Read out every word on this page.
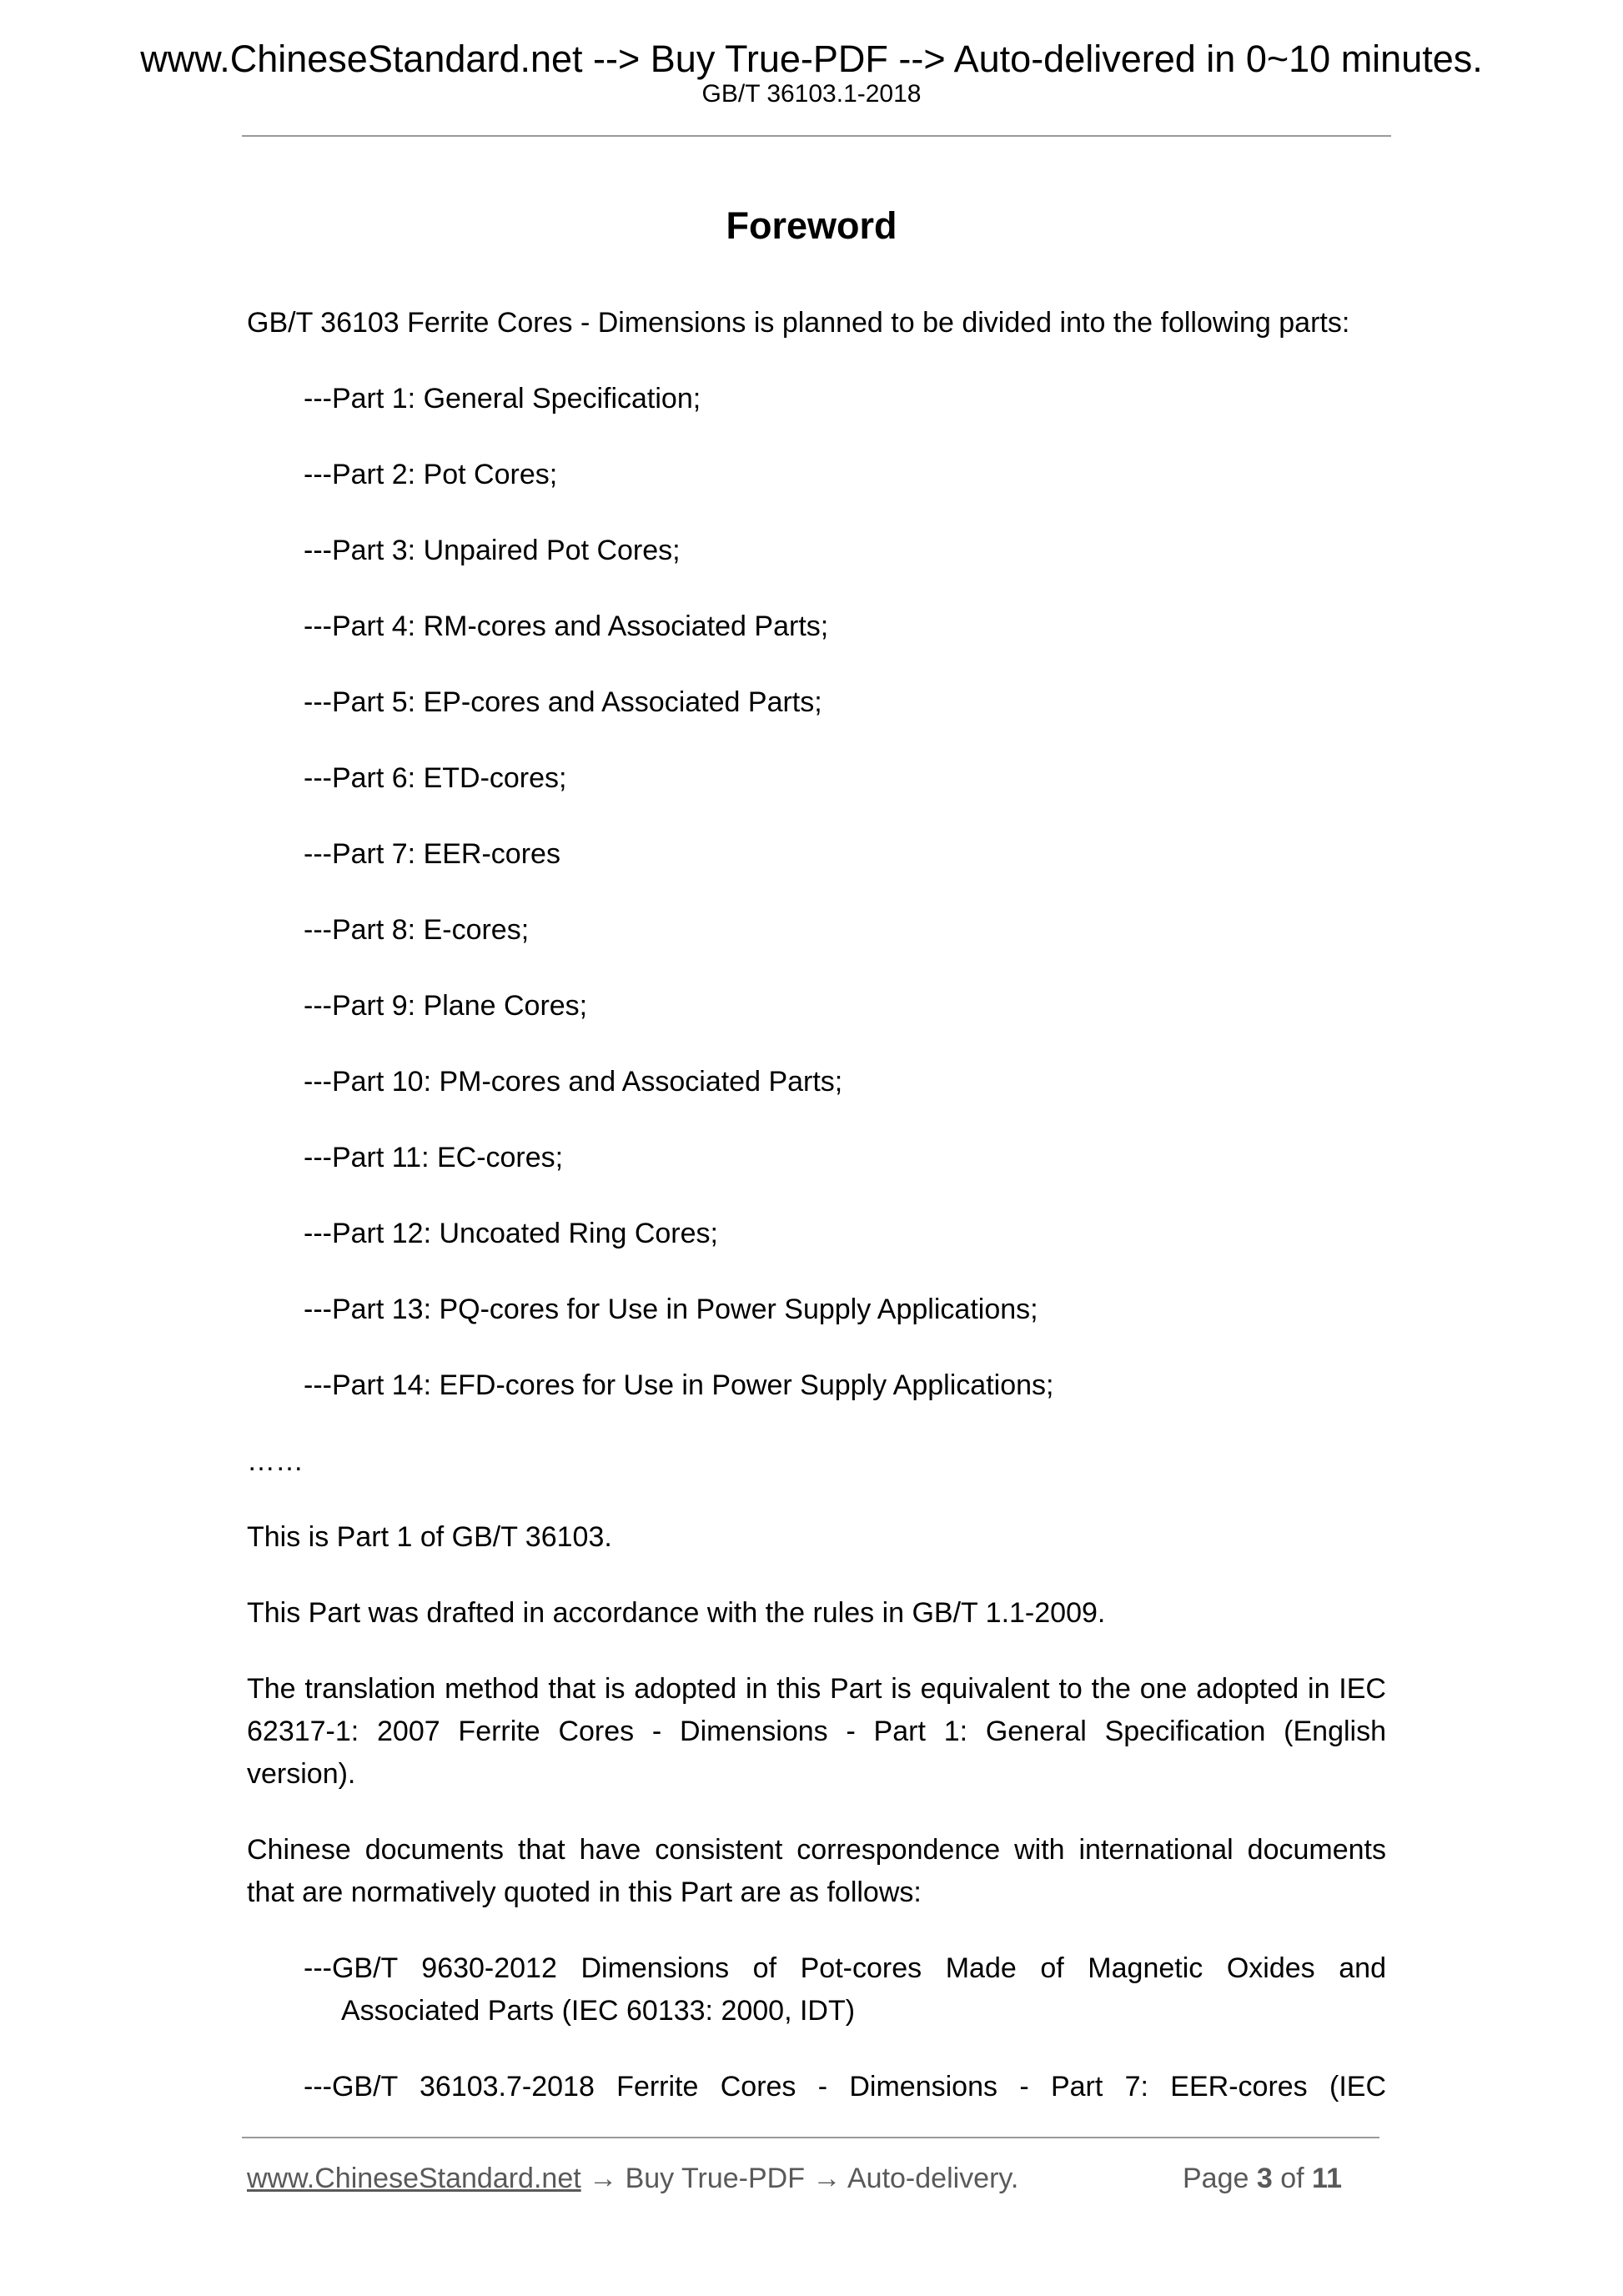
www.ChineseStandard.net --> Buy True-PDF --> Auto-delivered in 0~10 minutes.
GB/T 36103.1-2018
Foreword

GB/T 36103 Ferrite Cores - Dimensions is planned to be divided into the following parts:

---Part 1: General Specification;
---Part 2: Pot Cores;
---Part 3: Unpaired Pot Cores;
---Part 4: RM-cores and Associated Parts;
---Part 5: EP-cores and Associated Parts;
---Part 6: ETD-cores;
---Part 7: EER-cores
---Part 8: E-cores;
---Part 9: Plane Cores;
---Part 10: PM-cores and Associated Parts;
---Part 11: EC-cores;
---Part 12: Uncoated Ring Cores;
---Part 13: PQ-cores for Use in Power Supply Applications;
---Part 14: EFD-cores for Use in Power Supply Applications;

……

This is Part 1 of GB/T 36103.

This Part was drafted in accordance with the rules in GB/T 1.1-2009.

The translation method that is adopted in this Part is equivalent to the one adopted in IEC 62317-1: 2007 Ferrite Cores - Dimensions - Part 1: General Specification (English version).

Chinese documents that have consistent correspondence with international documents that are normatively quoted in this Part are as follows:

---GB/T 9630-2012 Dimensions of Pot-cores Made of Magnetic Oxides and Associated Parts (IEC 60133: 2000, IDT)
---GB/T 36103.7-2018 Ferrite Cores - Dimensions - Part 7: EER-cores (IEC
www.ChineseStandard.net → Buy True-PDF → Auto-delivery.	Page 3 of 11
